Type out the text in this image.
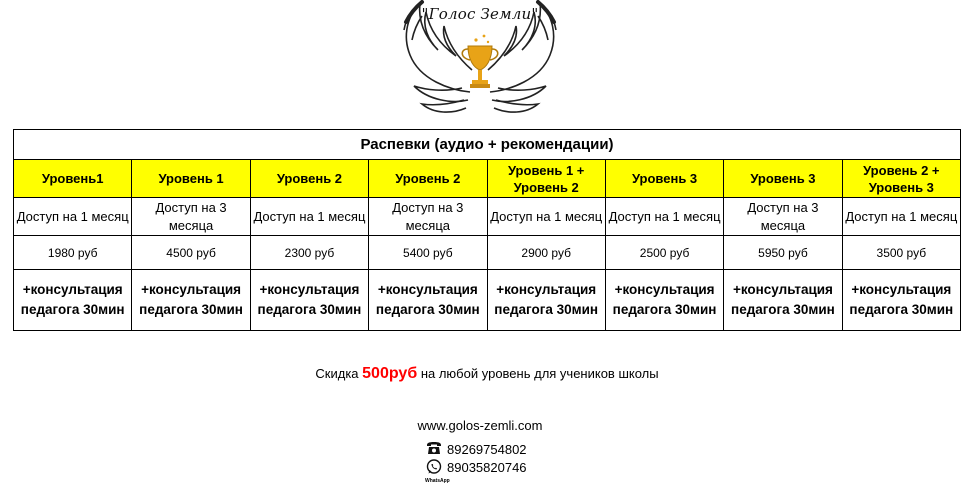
"Голос Земли"
Распевки (аудио + рекомендации)							
Уровень1	Уровень 1	Уровень 2	Уровень 2	Уровень 1 + Уровень 2	Уровень 3	Уровень 3	Уровень 2 + Уровень 3
Доступ на 1 месяц	Доступ на 3 месяца	Доступ на 1 месяц	Доступ на 3 месяца	Доступ на 1 месяц	Доступ на 1 месяц	Доступ на 3 месяца	Доступ на 1 месяц
1980 руб	4500 руб	2300 руб	5400 руб	2900 руб	2500 руб	5950 руб	3500 руб
+консультация педагога 30мин	+консультация педагога 30мин	+консультация педагога 30мин	+консультация педагога 30мин	+консультация педагога 30мин	+консультация педагога 30мин	+консультация педагога 30мин	+консультация педагога 30мин
Скидка 500руб на любой уровень для учеников школы
www.golos-zemli.com
89269754802
89035820746
WhatsApp
